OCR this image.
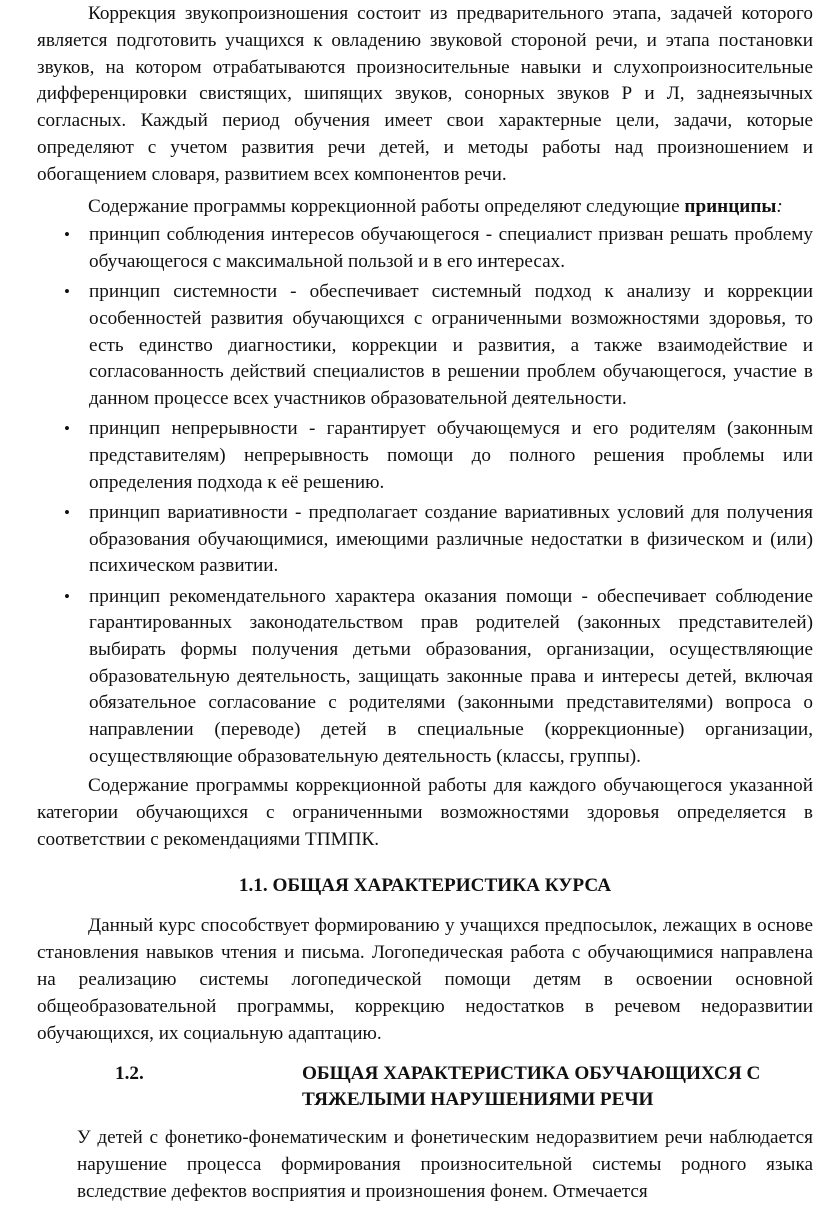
Коррекция звукопроизношения состоит из предварительного этапа, задачей которого является подготовить учащихся к овладению звуковой стороной речи, и этапа постановки звуков, на котором отрабатываются произносительные навыки и слухопроизносительные дифференцировки свистящих, шипящих звуков, сонорных звуков Р и Л, заднеязычных согласных. Каждый период обучения имеет свои характерные цели, задачи, которые определяют с учетом развития речи детей, и методы работы над произношением и обогащением словаря, развитием всех компонентов речи.

Содержание программы коррекционной работы определяют следующие принципы:

• принцип соблюдения интересов обучающегося - специалист призван решать проблему обучающегося с максимальной пользой и в его интересах.

• принцип системности - обеспечивает системный подход к анализу и коррекции особенностей развития обучающихся с ограниченными возможностями здоровья, то есть единство диагностики, коррекции и развития, а также взаимодействие и согласованность действий специалистов в решении проблем обучающегося, участие в данном процессе всех участников образовательной деятельности.

• принцип непрерывности - гарантирует обучающемуся и его родителям (законным представителям) непрерывность помощи до полного решения проблемы или определения подхода к её решению.

• принцип вариативности - предполагает создание вариативных условий для получения образования обучающимися, имеющими различные недостатки в физическом и (или) психическом развитии.

• принцип рекомендательного характера оказания помощи - обеспечивает соблюдение гарантированных законодательством прав родителей (законных представителей) выбирать формы получения детьми образования, организации, осуществляющие образовательную деятельность, защищать законные права и интересы детей, включая обязательное согласование с родителями (законными представителями) вопроса о направлении (переводе) детей в специальные (коррекционные) организации, осуществляющие образовательную деятельность (классы, группы).

Содержание программы коррекционной работы для каждого обучающегося указанной категории обучающихся с ограниченными возможностями здоровья определяется в соответствии с рекомендациями ТПМПК.

1.1. ОБЩАЯ ХАРАКТЕРИСТИКА КУРСА

Данный курс способствует формированию у учащихся предпосылок, лежащих в основе становления навыков чтения и письма. Логопедическая работа с обучающимися направлена на реализацию системы логопедической помощи детям в освоении основной общеобразовательной программы, коррекцию недостатков в речевом недоразвитии обучающихся, их социальную адаптацию.

1.2.	ОБЩАЯ ХАРАКТЕРИСТИКА ОБУЧАЮЩИХСЯ С
ТЯЖЕЛЫМИ НАРУШЕНИЯМИ РЕЧИ

У детей с фонетико-фонематическим и фонетическим недоразвитием речи наблюдается нарушение процесса формирования произносительной системы родного языка вследствие дефектов восприятия и произношения фонем. Отмечается
